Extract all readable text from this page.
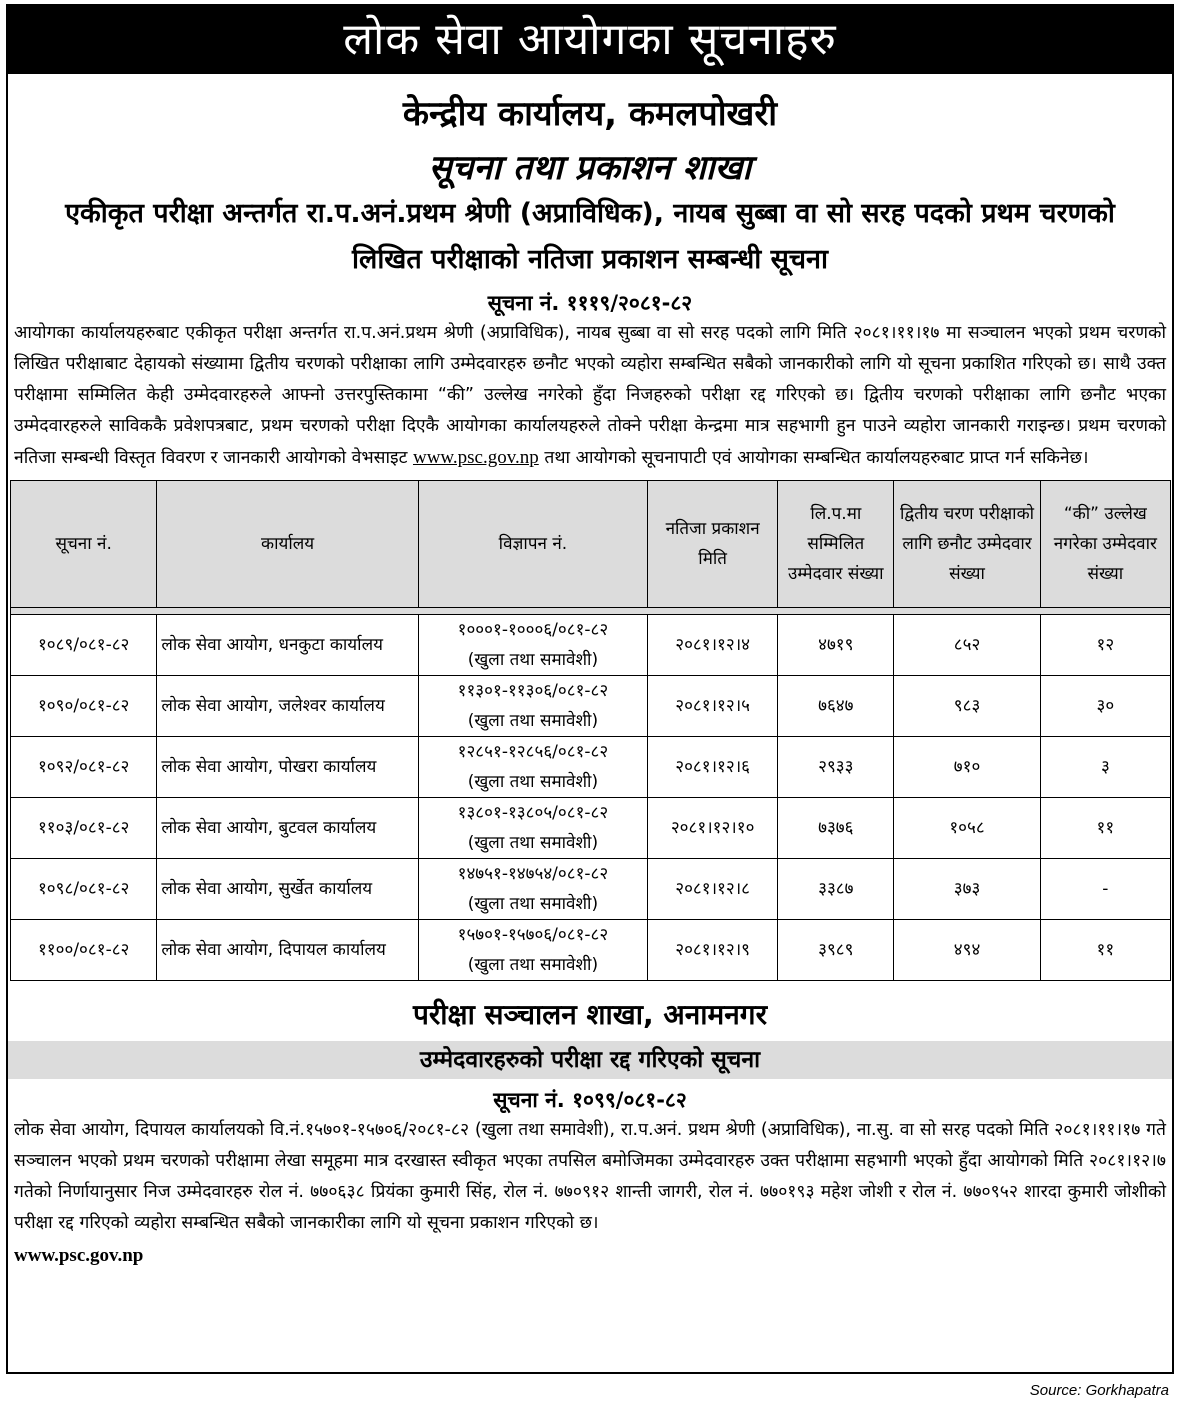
लोक सेवा आयोगका सूचनाहरु
केन्द्रीय कार्यालय, कमलपोखरी
सूचना तथा प्रकाशन शाखा
एकीकृत परीक्षा अन्तर्गत रा.प.अनं.प्रथम श्रेणी (अप्राविधिक), नायब सुब्बा वा सो सरह पदको प्रथम चरणको
लिखित परीक्षाको नतिजा प्रकाशन सम्बन्धी सूचना
सूचना नं. १११९/२०८१-८२
आयोगका कार्यालयहरुबाट एकीकृत परीक्षा अन्तर्गत रा.प.अनं.प्रथम श्रेणी (अप्राविधिक), नायब सुब्बा वा सो सरह पदको लागि मिति २०८१।११।१७ मा सञ्चालन भएको प्रथम चरणको लिखित परीक्षाबाट देहायको संख्यामा द्वितीय चरणको परीक्षाका लागि उम्मेदवारहरु छनौट भएको व्यहोरा सम्बन्धित सबैको जानकारीको लागि यो सूचना प्रकाशित गरिएको छ। साथै उक्त परीक्षामा सम्मिलित केही उम्मेदवारहरुले आफ्नो उत्तरपुस्तिकामा “की” उल्लेख नगरेको हुँदा निजहरुको परीक्षा रद्द गरिएको छ। द्वितीय चरणको परीक्षाका लागि छनौट भएका उम्मेदवारहरुले साविककै प्रवेशपत्रबाट, प्रथम चरणको परीक्षा दिएकै आयोगका कार्यालयहरुले तोक्ने परीक्षा केन्द्रमा मात्र सहभागी हुन पाउने व्यहोरा जानकारी गराइन्छ। प्रथम चरणको नतिजा सम्बन्धी विस्तृत विवरण र जानकारी आयोगको वेभसाइट www.psc.gov.np तथा आयोगको सूचनापाटी एवं आयोगका सम्बन्धित कार्यालयहरुबाट प्राप्त गर्न सकिनेछ।
सूचना नं.	कार्यालय	विज्ञापन नं.	नतिजा प्रकाशन मिति	लि.प.मा सम्मिलित उम्मेदवार संख्या	द्वितीय चरण परीक्षाको लागि छनौट उम्मेदवार संख्या	“की” उल्लेख नगरेका उम्मेदवार संख्या

१०८९/०८१-८२	लोक सेवा आयोग, धनकुटा कार्यालय	१०००१-१०००६/०८१-८२
(खुला तथा समावेशी)	२०८१।१२।४	४७१९	८५२	१२
१०९०/०८१-८२	लोक सेवा आयोग, जलेश्वर कार्यालय	११३०१-११३०६/०८१-८२
(खुला तथा समावेशी)	२०८१।१२।५	७६४७	९८३	३०
१०९२/०८१-८२	लोक सेवा आयोग, पोखरा कार्यालय	१२८५१-१२८५६/०८१-८२
(खुला तथा समावेशी)	२०८१।१२।६	२९३३	७१०	३
११०३/०८१-८२	लोक सेवा आयोग, बुटवल कार्यालय	१३८०१-१३८०५/०८१-८२
(खुला तथा समावेशी)	२०८१।१२।१०	७३७६	१०५८	११
१०९८/०८१-८२	लोक सेवा आयोग, सुर्खेत कार्यालय	१४७५१-१४७५४/०८१-८२
(खुला तथा समावेशी)	२०८१।१२।८	३३८७	३७३	-
११००/०८१-८२	लोक सेवा आयोग, दिपायल कार्यालय	१५७०१-१५७०६/०८१-८२
(खुला तथा समावेशी)	२०८१।१२।९	३९८९	४९४	११
परीक्षा सञ्चालन शाखा, अनामनगर
उम्मेदवारहरुको परीक्षा रद्द गरिएको सूचना
सूचना नं. १०९९/०८१-८२
लोक सेवा आयोग, दिपायल कार्यालयको वि.नं.१५७०१-१५७०६/२०८१-८२ (खुला तथा समावेशी), रा.प.अनं. प्रथम श्रेणी (अप्राविधिक), ना.सु. वा सो सरह पदको मिति २०८१।११।१७ गते सञ्चालन भएको प्रथम चरणको परीक्षामा लेखा समूहमा मात्र दरखास्त स्वीकृत भएका तपसिल बमोजिमका उम्मेदवारहरु उक्त परीक्षामा सहभागी भएको हुँदा आयोगको मिति २०८१।१२।७ गतेको निर्णायानुसार निज उम्मेदवारहरु रोल नं. ७७०६३८ प्रियंका कुमारी सिंह, रोल नं. ७७०९१२ शान्ती जागरी, रोल नं. ७७०१९३ महेश जोशी र रोल नं. ७७०९५२ शारदा कुमारी जोशीको परीक्षा रद्द गरिएको व्यहोरा सम्बन्धित सबैको जानकारीका लागि यो सूचना प्रकाशन गरिएको छ।
www.psc.gov.np
Source: Gorkhapatra
